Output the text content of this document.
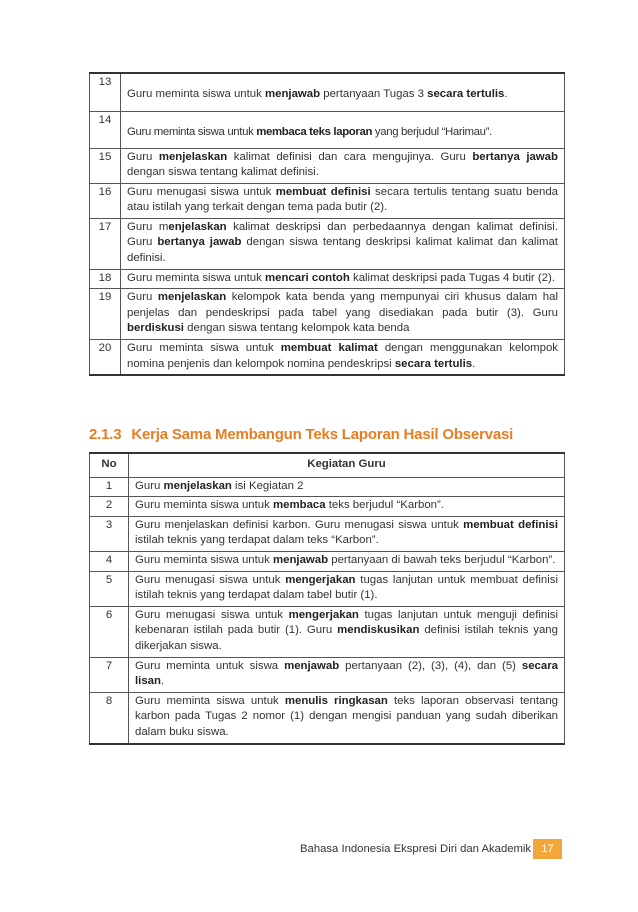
13	Guru meminta siswa untuk menjawab pertanyaan Tugas 3 secara tertulis.
14	Guru meminta siswa untuk membaca teks laporan yang berjudul “Harimau”.
15	Guru menjelaskan kalimat definisi dan cara mengujinya. Guru bertanya jawab dengan siswa tentang kalimat definisi.
16	Guru menugasi siswa untuk membuat definisi secara tertulis tentang suatu benda atau istilah yang terkait dengan tema pada butir (2).
17	Guru menjelaskan kalimat deskripsi dan perbedaannya dengan kalimat definisi. Guru bertanya jawab dengan siswa tentang deskripsi kalimat kalimat dan kalimat definisi.
18	Guru meminta siswa untuk mencari contoh kalimat deskripsi pada Tugas 4 butir (2).
19	Guru menjelaskan kelompok kata benda yang mempunyai ciri khusus dalam hal penjelas dan pendeskripsi pada tabel yang disediakan pada butir (3). Guru berdiskusi dengan siswa tentang kelompok kata benda
20	Guru meminta siswa untuk membuat kalimat dengan menggunakan kelompok nomina penjenis dan kelompok nomina pendeskripsi secara tertulis.
2.1.3 Kerja Sama Membangun Teks Laporan Hasil Observasi
No	Kegiatan Guru
1	Guru menjelaskan isi Kegiatan 2
2	Guru meminta siswa untuk membaca teks berjudul “Karbon”.
3	Guru menjelaskan definisi karbon. Guru menugasi siswa untuk membuat definisi istilah teknis yang terdapat dalam teks “Karbon”.
4	Guru meminta siswa untuk menjawab pertanyaan di bawah teks berjudul “Karbon”.
5	Guru menugasi siswa untuk mengerjakan tugas lanjutan untuk membuat definisi istilah teknis yang terdapat dalam tabel butir (1).
6	Guru menugasi siswa untuk mengerjakan tugas lanjutan untuk menguji definisi kebenaran istilah pada butir (1). Guru mendiskusikan definisi istilah teknis yang dikerjakan siswa.
7	Guru meminta untuk siswa menjawab pertanyaan (2), (3), (4), dan (5) secara lisan.
8	Guru meminta siswa untuk menulis ringkasan teks laporan observasi tentang karbon pada Tugas 2 nomor (1) dengan mengisi panduan yang sudah diberikan dalam buku siswa.
Bahasa Indonesia Ekspresi Diri dan Akademik 17
